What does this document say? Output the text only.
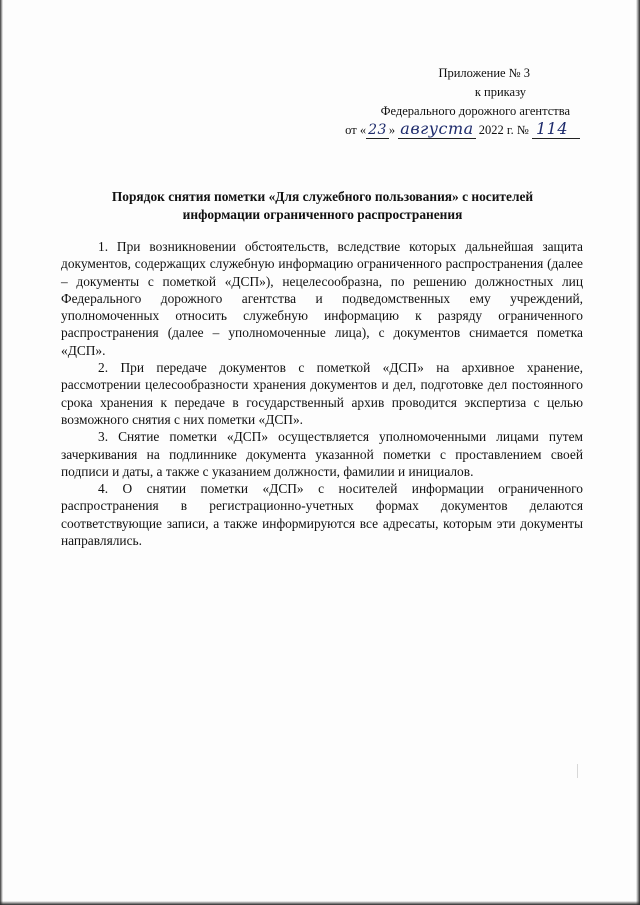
Приложение № 3
к приказу
Федерального дорожного агентства
от « 23 » августа 2022 г. № 114
Порядок снятия пометки «Для служебного пользования» с носителей
информации ограниченного распространения

1. При возникновении обстоятельств, вследствие которых дальнейшая защита документов, содержащих служебную информацию ограниченного распространения (далее – документы с пометкой «ДСП»), нецелесообразна, по решению должностных лиц Федерального дорожного агентства и подведомственных ему учреждений, уполномоченных относить служебную информацию к разряду ограниченного распространения (далее – уполномоченные лица), с документов снимается пометка «ДСП».

2. При передаче документов с пометкой «ДСП» на архивное хранение, рассмотрении целесообразности хранения документов и дел, подготовке дел постоянного срока хранения к передаче в государственный архив проводится экспертиза с целью возможного снятия с них пометки «ДСП».

3. Снятие пометки «ДСП» осуществляется уполномоченными лицами путем зачеркивания на подлиннике документа указанной пометки с проставлением своей подписи и даты, а также с указанием должности, фамилии и инициалов.

4. О снятии пометки «ДСП» с носителей информации ограниченного распространения в регистрационно-учетных формах документов делаются соответствующие записи, а также информируются все адресаты, которым эти документы направлялись.
